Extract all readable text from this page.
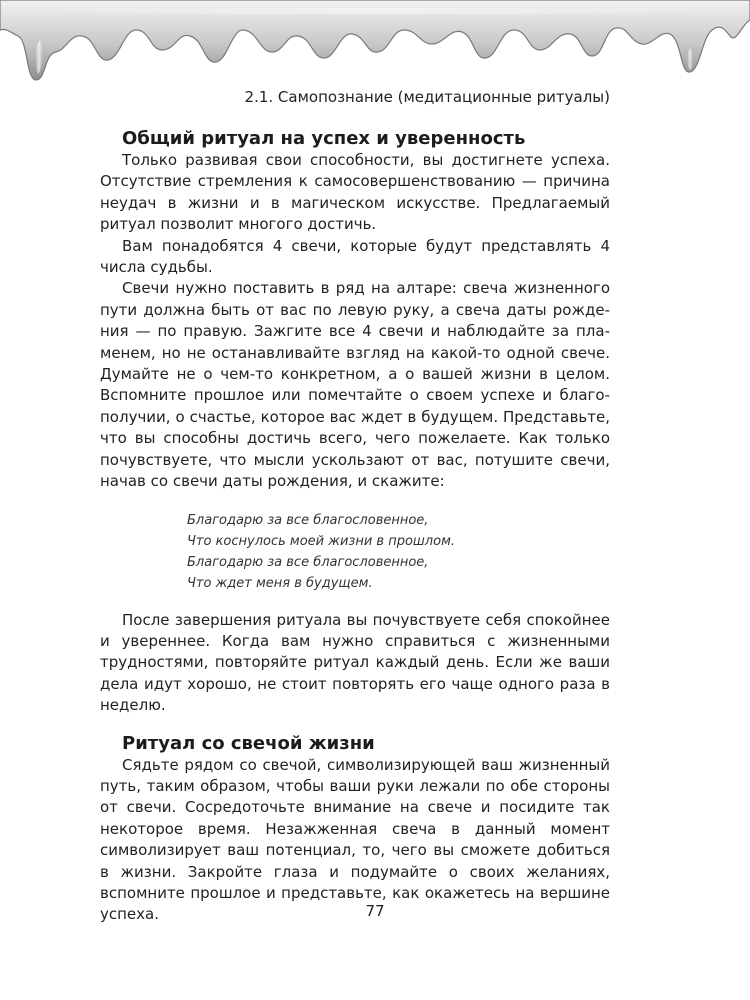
2.1. Самопознание (медитационные ритуалы)
Общий ритуал на успех и уверенность

Только развивая свои способности, вы достигнете успеха. Отсутствие стремления к самосовершенствованию — причина неудач в жизни и в магическом искусстве. Предлагаемый ритуал позволит многого достичь.

Вам понадобятся 4 свечи, которые будут представлять 4 числа судьбы.

Свечи нужно поставить в ряд на алтаре: свеча жизненного пути должна быть от вас по левую руку, а свеча даты рождения — по правую. Зажгите все 4 свечи и наблюдайте за пламенем, но не останавливайте взгляд на какой-то одной свече. Думайте не о чем-то конкретном, а о вашей жизни в целом. Вспомните прошлое или помечтайте о своем успехе и благополучии, о счастье, которое вас ждет в будущем. Представьте, что вы способны достичь всего, чего пожелаете. Как только почувствуете, что мысли ускользают от вас, потушите свечи, начав со свечи даты рождения, и скажите:

Благодарю за все благословенное,
Что коснулось моей жизни в прошлом.
Благодарю за все благословенное,
Что ждет меня в будущем.

После завершения ритуала вы почувствуете себя спокойнее и увереннее. Когда вам нужно справиться с жизненными трудностями, повторяйте ритуал каждый день. Если же ваши дела идут хорошо, не стоит повторять его чаще одного раза в неделю.

Ритуал со свечой жизни

Сядьте рядом со свечой, символизирующей ваш жизненный путь, таким образом, чтобы ваши руки лежали по обе стороны от свечи. Сосредоточьте внимание на свече и посидите так некоторое время. Незажженная свеча в данный момент символизирует ваш потенциал, то, чего вы сможете добиться в жизни. Закройте глаза и подумайте о своих желаниях, вспомните прошлое и представьте, как окажетесь на вершине успеха.	77
